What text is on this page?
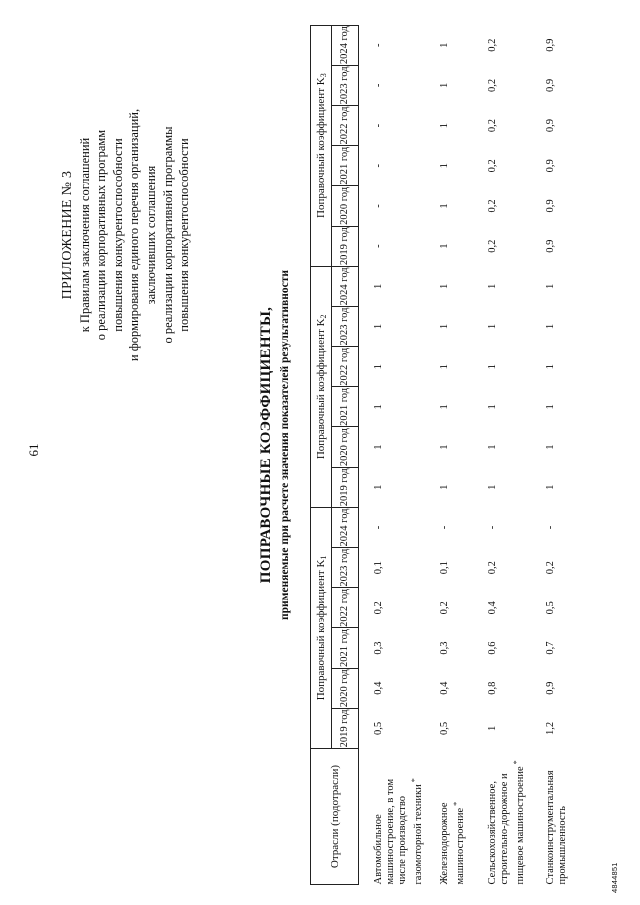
61
ПРИЛОЖЕНИЕ № 3 к Правилам заключения соглашений о реализации корпоративных программ повышения конкурентоспособности и формирования единого перечня организаций, заключивших соглашения о реализации корпоративной программы повышения конкурентоспособности
ПОПРАВОЧНЫЕ КОЭФФИЦИЕНТЫ, применяемые при расчете значения показателей результативности
Отрасли (подотрасли)	Поправочный коэффициент $K_1$						Поправочный коэффициент $K_2$						Поправочный коэффициент $K_3$
	2019 год	2020 год	2021 год	2022 год	2023 год	2024 год	2019 год	2020 год	2021 год	2022 год	2023 год	2024 год	2019 год	2020 год	2021 год	2022 год	2023 год	2024 год
Автомобильное машиностроение, в том числе производство газомоторной техники*	0,5	0,4	0,3	0,2	0,1	-	1	1	1	1	1	1	-	-	-	-	-	-
Железнодорожное машиностроение*	0,5	0,4	0,3	0,2	0,1	-	1	1	1	1	1	1	1	1	1	1	1	1
Сельскохозяйственное, строительно-дорожное и пищевое машиностроение*	1	0,8	0,6	0,4	0,2	-	1	1	1	1	1	1	0,2	0,2	0,2	0,2	0,2	0,2
Станкоинструментальная промышленность	1,2	0,9	0,7	0,5	0,2	-	1	1	1	1	1	1	0,9	0,9	0,9	0,9	0,9	0,9
4844851
